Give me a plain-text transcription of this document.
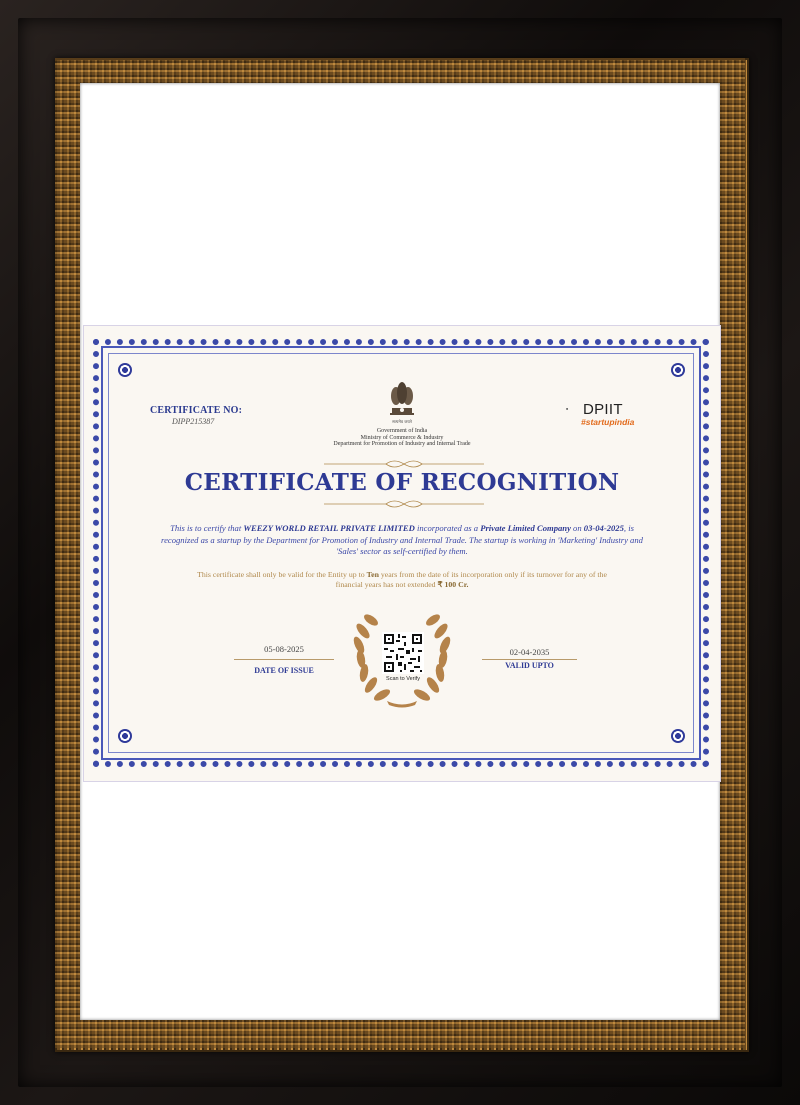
सत्यमेव जयते
Government of India
Ministry of Commerce & Industry
Department for Promotion of Industry and Internal Trade
CERTIFICATE NO:
DIPP215387
DPIIT
#startupindia
CERTIFICATE OF RECOGNITION
This is to certify that WEEZY WORLD RETAIL PRIVATE LIMITED incorporated as a Private Limited Company on 03-04-2025, is recognized as a startup by the Department for Promotion of Industry and Internal Trade. The startup is working in 'Marketing' Industry and 'Sales' sector as self-certified by them.
This certificate shall only be valid for the Entity up to Ten years from the date of its incorporation only if its turnover for any of the financial years has not extended ₹ 100 Cr.
05-08-2025
DATE OF ISSUE
02-04-2035
VALID UPTO
Scan to Verify
